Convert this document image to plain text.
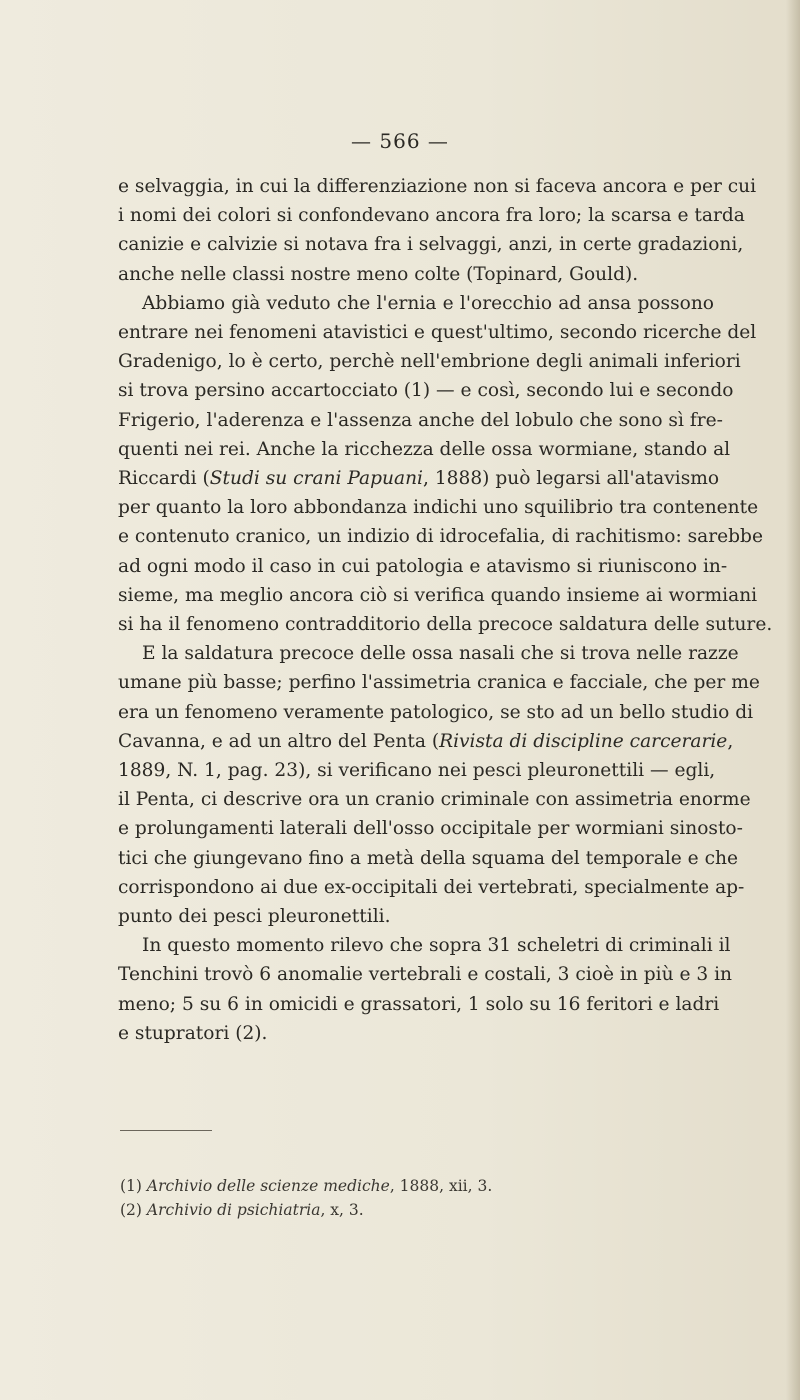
— 566 —
e selvaggia, in cui la differenziazione non si faceva ancora e per cui
i nomi dei colori si confondevano ancora fra loro; la scarsa e tarda
canizie e calvizie si notava fra i selvaggi, anzi, in certe gradazioni,
anche nelle classi nostre meno colte (Topinard, Gould).
Abbiamo già veduto che l'ernia e l'orecchio ad ansa possono
entrare nei fenomeni atavistici e quest'ultimo, secondo ricerche del
Gradenigo, lo è certo, perchè nell'embrione degli animali inferiori
si trova persino accartocciato (1) — e così, secondo lui e secondo
Frigerio, l'aderenza e l'assenza anche del lobulo che sono sì fre-
quenti nei rei. Anche la ricchezza delle ossa wormiane, stando al
Riccardi (Studi su crani Papuani, 1888) può legarsi all'atavismo
per quanto la loro abbondanza indichi uno squilibrio tra contenente
e contenuto cranico, un indizio di idrocefalia, di rachitismo: sarebbe
ad ogni modo il caso in cui patologia e atavismo si riuniscono in-
sieme, ma meglio ancora ciò si verifica quando insieme ai wormiani
si ha il fenomeno contradditorio della precoce saldatura delle suture.
E la saldatura precoce delle ossa nasali che si trova nelle razze
umane più basse; perfino l'assimetria cranica e facciale, che per me
era un fenomeno veramente patologico, se sto ad un bello studio di
Cavanna, e ad un altro del Penta (Rivista di discipline carcerarie,
1889, N. 1, pag. 23), si verificano nei pesci pleuronettili — egli,
il Penta, ci descrive ora un cranio criminale con assimetria enorme
e prolungamenti laterali dell'osso occipitale per wormiani sinosto-
tici che giungevano fino a metà della squama del temporale e che
corrispondono ai due ex-occipitali dei vertebrati, specialmente ap-
punto dei pesci pleuronettili.
In questo momento rilevo che sopra 31 scheletri di criminali il
Tenchini trovò 6 anomalie vertebrali e costali, 3 cioè in più e 3 in
meno; 5 su 6 in omicidi e grassatori, 1 solo su 16 feritori e ladri
e stupratori (2).
(1) Archivio delle scienze mediche, 1888, xii, 3.
(2) Archivio di psichiatria, x, 3.
